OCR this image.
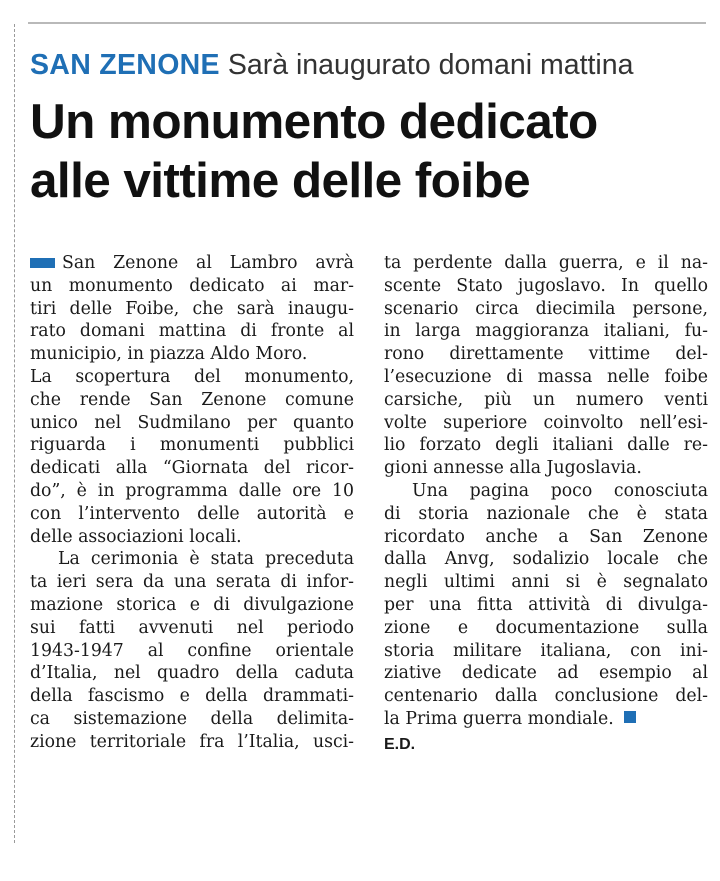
SAN ZENONE Sarà inaugurato domani mattina
Un monumento dedicato
alle vittime delle foibe
San Zenone al Lambro avrà
un monumento dedicato ai mar-
tiri delle Foibe, che sarà inaugu-
rato domani mattina di fronte al
municipio, in piazza Aldo Moro.
La scopertura del monumento,
che rende San Zenone comune
unico nel Sudmilano per quanto
riguarda i monumenti pubblici
dedicati alla “Giornata del ricor-
do”, è in programma dalle ore 10
con l’intervento delle autorità e
delle associazioni locali.
La cerimonia è stata preceduta
ta ieri sera da una serata di infor-
mazione storica e di divulgazione
sui fatti avvenuti nel periodo
1943-1947 al confine orientale
d’Italia, nel quadro della caduta
della fascismo e della drammati-
ca sistemazione della delimita-
zione territoriale fra l’Italia, usci-
ta perdente dalla guerra, e il na-
scente Stato jugoslavo. In quello
scenario circa diecimila persone,
in larga maggioranza italiani, fu-
rono direttamente vittime del-
l’esecuzione di massa nelle foibe
carsiche, più un numero venti
volte superiore coinvolto nell’esi-
lio forzato degli italiani dalle re-
gioni annesse alla Jugoslavia.
Una pagina poco conosciuta
di storia nazionale che è stata
ricordato anche a San Zenone
dalla Anvg, sodalizio locale che
negli ultimi anni si è segnalato
per una fitta attività di divulga-
zione e documentazione sulla
storia militare italiana, con ini-
ziative dedicate ad esempio al
centenario dalla conclusione del-
la Prima guerra mondiale.
E.D.
